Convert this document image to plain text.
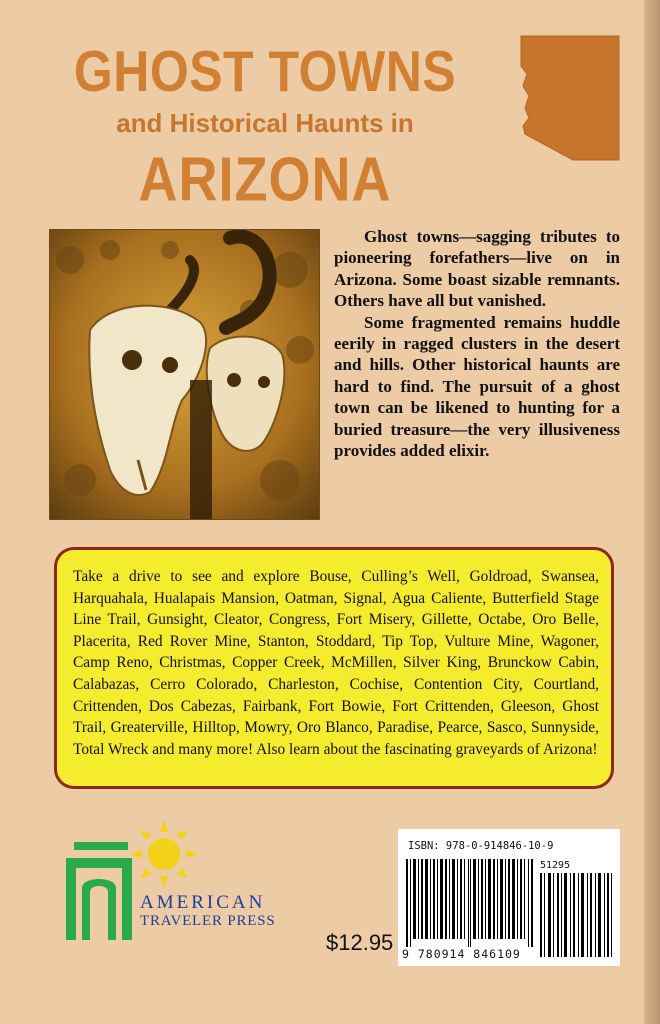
GHOST TOWNS
and Historical Haunts in
ARIZONA

Ghost towns—sagging tributes to pioneering forefathers—live on in Arizona. Some boast sizable remnants. Others have all but vanished.

Some fragmented remains huddle eerily in ragged clusters in the desert and hills. Other historical haunts are hard to find. The pursuit of a ghost town can be likened to hunting for a buried treasure—the very illusiveness provides added elixir.

Take a drive to see and explore Bouse, Culling’s Well, Goldroad, Swansea, Harquahala, Hualapais Mansion, Oatman, Signal, Agua Caliente, Butterfield Stage Line Trail, Gunsight, Cleator, Congress, Fort Misery, Gillette, Octabe, Oro Belle, Placerita, Red Rover Mine, Stanton, Stoddard, Tip Top, Vulture Mine, Wagoner, Camp Reno, Christmas, Copper Creek, McMillen, Silver King, Brunckow Cabin, Calabazas, Cerro Colorado, Charleston, Cochise, Contention City, Courtland, Crittenden, Dos Cabezas, Fairbank, Fort Bowie, Fort Crittenden, Gleeson, Ghost Trail, Greaterville, Hilltop, Mowry, Oro Blanco, Paradise, Pearce, Sasco, Sunnyside, Total Wreck and many more! Also learn about the fascinating graveyards of Arizona!

AMERICAN
TRAVELER PRESS
$12.95
ISBN: 978-0-914846-10-9
51295
9 780914 846109
